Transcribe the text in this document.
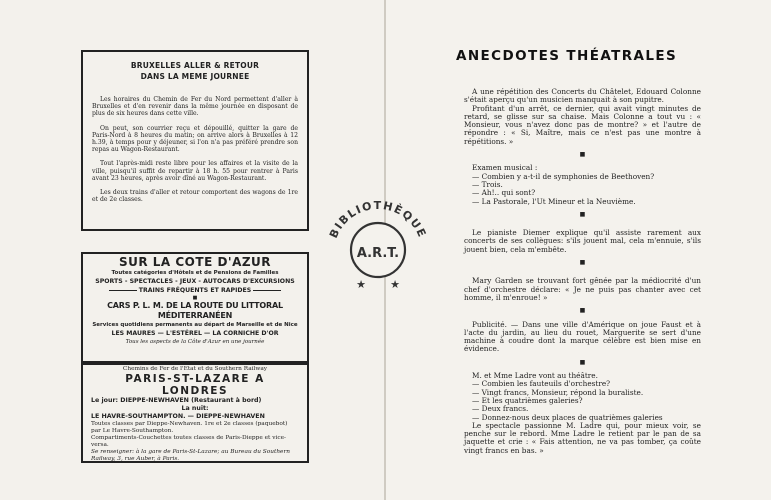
BRUXELLES ALLER & RETOUR
DANS LA MEME JOURNEE

Les horaires du Chemin de Fer du Nord permettent d'aller à Bruxelles et d'en revenir dans la même journée en disposant de plus de six heures dans cette ville.

On peut, son courrier reçu et dépouillé, quitter la gare de Paris-Nord à 8 heures du matin; on arrive alors à Bruxelles à 12 h.39, à temps pour y déjeuner, si l'on n'a pas préféré prendre son repas au Wagon-Restaurant.

Tout l'après-midi reste libre pour les affaires et la visite de la ville, puisqu'il suffit de repartir à 18 h. 55 pour rentrer à Paris avant 23 heures, après avoir dîné au Wagon-Restaurant.

Les deux trains d'aller et retour comportent des wagons de 1re et de 2e classes.

SUR LA COTE D'AZUR
Toutes catégories d'Hôtels et de Pensions de Familles
SPORTS - SPECTACLES - JEUX - AUTOCARS D'EXCURSIONS
TRAINS FRÉQUENTS ET RAPIDES
■
CARS P. L. M. DE LA ROUTE DU LITTORAL MÉDITERRANÉEN
Services quotidiens permanents au départ de Marseille et de Nice
LES MAURES — L'ESTÉREL — LA CORNICHE D'OR
Tous les aspects de la Côte d'Azur en une journée
Chemins de Fer de l'Etat et du Southern Railway
PARIS-ST-LAZARE A LONDRES
Le jour: DIEPPE-NEWHAVEN (Restaurant à bord)
La nuit:
LE HAVRE-SOUTHAMPTON. — DIEPPE-NEWHAVEN
Toutes classes par Dieppe-Newhaven. 1re et 2e classes (paquebot) par Le Havre-Southampton.
Compartiments-Couchettes toutes classes de Paris-Dieppe et vice-versa.
Se renseigner: à la gare de Paris-St-Lazare; au Bureau du Southern Railway, 3, rue Auber, à Paris.
BIBLIOTHÈQUE
A.R.T.
★ ★
ANECDOTES THÉATRALES

A une répétition des Concerts du Châtelet, Edouard Colonne s'était aperçu qu'un musicien manquait à son pupitre.

Profitant d'un arrêt, ce dernier, qui avait vingt minutes de retard, se glisse sur sa chaise. Mais Colonne a tout vu : « Monsieur, vous n'avez donc pas de montre? » et l'autre de répondre : « Si, Maître, mais ce n'est pas une montre à répétitions. »

■

Examen musical :

— Combien y a-t-il de symphonies de Beethoven?

— Trois.

— Ah!.. qui sont?

— La Pastorale, l'Ut Mineur et la Neuvième.

■

Le pianiste Diemer explique qu'il assiste rarement aux concerts de ses collègues: s'ils jouent mal, cela m'ennuie, s'ils jouent bien, cela m'embête.

■

Mary Garden se trouvant fort gênée par la médiocrité d'un chef d'orchestre déclare: « Je ne puis pas chanter avec cet homme, il m'enroue! »

■

Publicité. — Dans une ville d'Amérique on joue Faust et à l'acte du jardin, au lieu du rouet, Marguerite se sert d'une machine à coudre dont la marque célèbre est bien mise en évidence.

■

M. et Mme Ladre vont au théâtre.

— Combien les fauteuils d'orchestre?

— Vingt francs, Monsieur, répond la buraliste.

— Et les quatrièmes galeries?

— Deux francs.

— Donnez-nous deux places de quatrièmes galeries

Le spectacle passionne M. Ladre qui, pour mieux voir, se penche sur le rebord. Mme Ladre le retient par le pan de sa jaquette et crie : « Fais attention, ne va pas tomber, ça coûte vingt francs en bas. »
